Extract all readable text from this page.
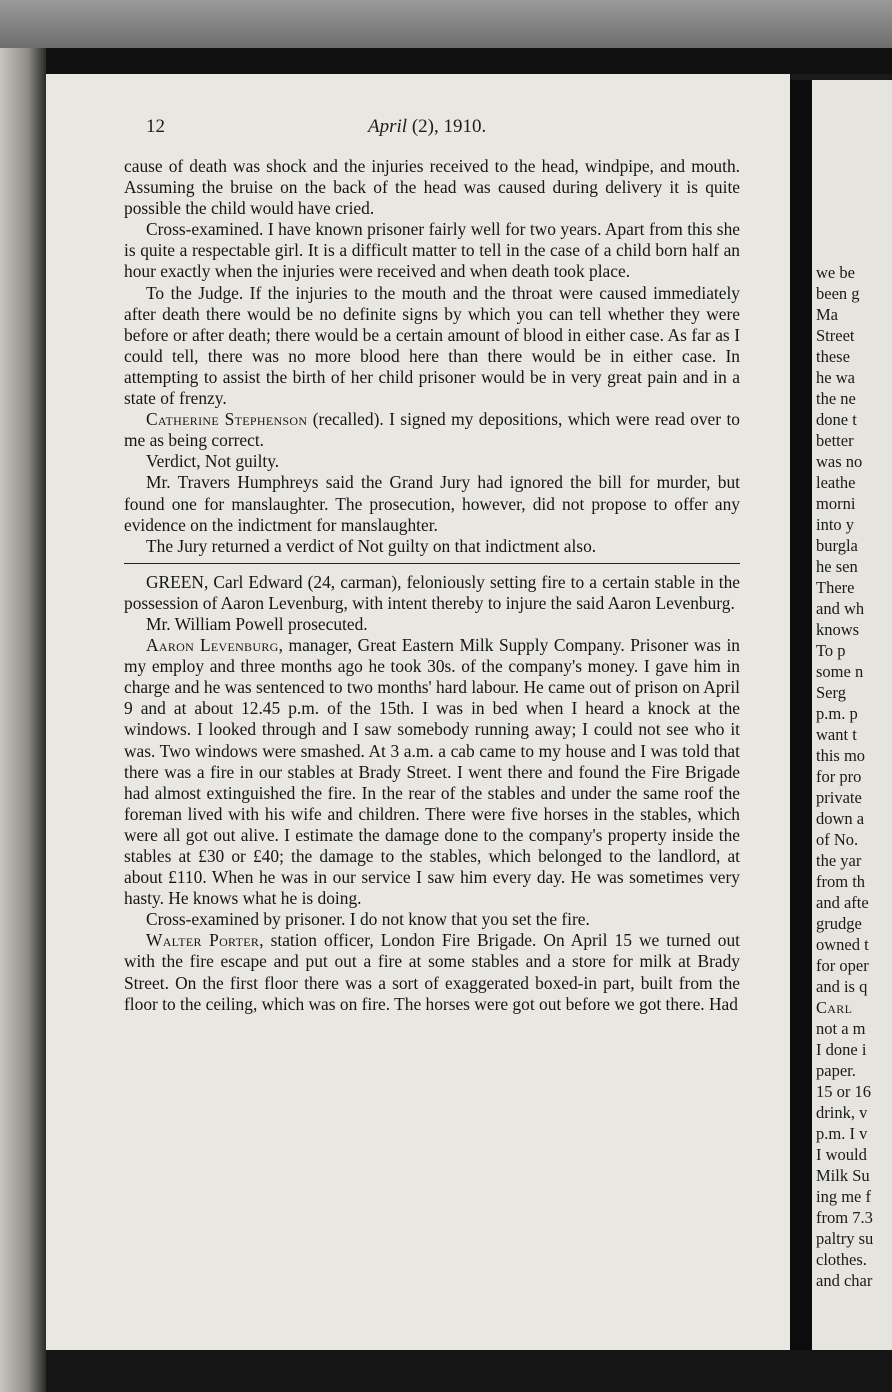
12	April (2), 1910.

cause of death was shock and the injuries received to the head, windpipe, and mouth. Assuming the bruise on the back of the head was caused during delivery it is quite possible the child would have cried.

Cross-examined. I have known prisoner fairly well for two years. Apart from this she is quite a respectable girl. It is a difficult matter to tell in the case of a child born half an hour exactly when the injuries were received and when death took place.

To the Judge. If the injuries to the mouth and the throat were caused immediately after death there would be no definite signs by which you can tell whether they were before or after death; there would be a certain amount of blood in either case. As far as I could tell, there was no more blood here than there would be in either case. In attempting to assist the birth of her child prisoner would be in very great pain and in a state of frenzy.

Catherine Stephenson (recalled). I signed my depositions, which were read over to me as being correct.

Verdict, Not guilty.

Mr. Travers Humphreys said the Grand Jury had ignored the bill for murder, but found one for manslaughter. The prosecution, however, did not propose to offer any evidence on the indictment for manslaughter.

The Jury returned a verdict of Not guilty on that indictment also.

GREEN, Carl Edward (24, carman), feloniously setting fire to a certain stable in the possession of Aaron Levenburg, with intent thereby to injure the said Aaron Levenburg.

Mr. William Powell prosecuted.

Aaron Levenburg, manager, Great Eastern Milk Supply Company. Prisoner was in my employ and three months ago he took 30s. of the company's money. I gave him in charge and he was sentenced to two months' hard labour. He came out of prison on April 9 and at about 12.45 p.m. of the 15th. I was in bed when I heard a knock at the windows. I looked through and I saw somebody running away; I could not see who it was. Two windows were smashed. At 3 a.m. a cab came to my house and I was told that there was a fire in our stables at Brady Street. I went there and found the Fire Brigade had almost extinguished the fire. In the rear of the stables and under the same roof the foreman lived with his wife and children. There were five horses in the stables, which were all got out alive. I estimate the damage done to the company's property inside the stables at £30 or £40; the damage to the stables, which belonged to the landlord, at about £110. When he was in our service I saw him every day. He was sometimes very hasty. He knows what he is doing.

Cross-examined by prisoner. I do not know that you set the fire.

Walter Porter, station officer, London Fire Brigade. On April 15 we turned out with the fire escape and put out a fire at some stables and a store for milk at Brady Street. On the first floor there was a sort of exaggerated boxed-in part, built from the floor to the ceiling, which was on fire. The horses were got out before we got there. Had

we be
been g
Ma
Street
these
he wa
the ne
done t
better
was no
leathe
morni
into y
burgla
he sen
There
and wh
knows
To p
some n
Serg
p.m. p
want t
this mo
for pro
private
down a
of No.
the yar
from th
and afte
grudge
owned t
for oper
and is q
Carl
not a m
I done i
paper.
15 or 16
drink, v
p.m. I v
I would
Milk Su
ing me f
from 7.3
paltry su
clothes.
and char
